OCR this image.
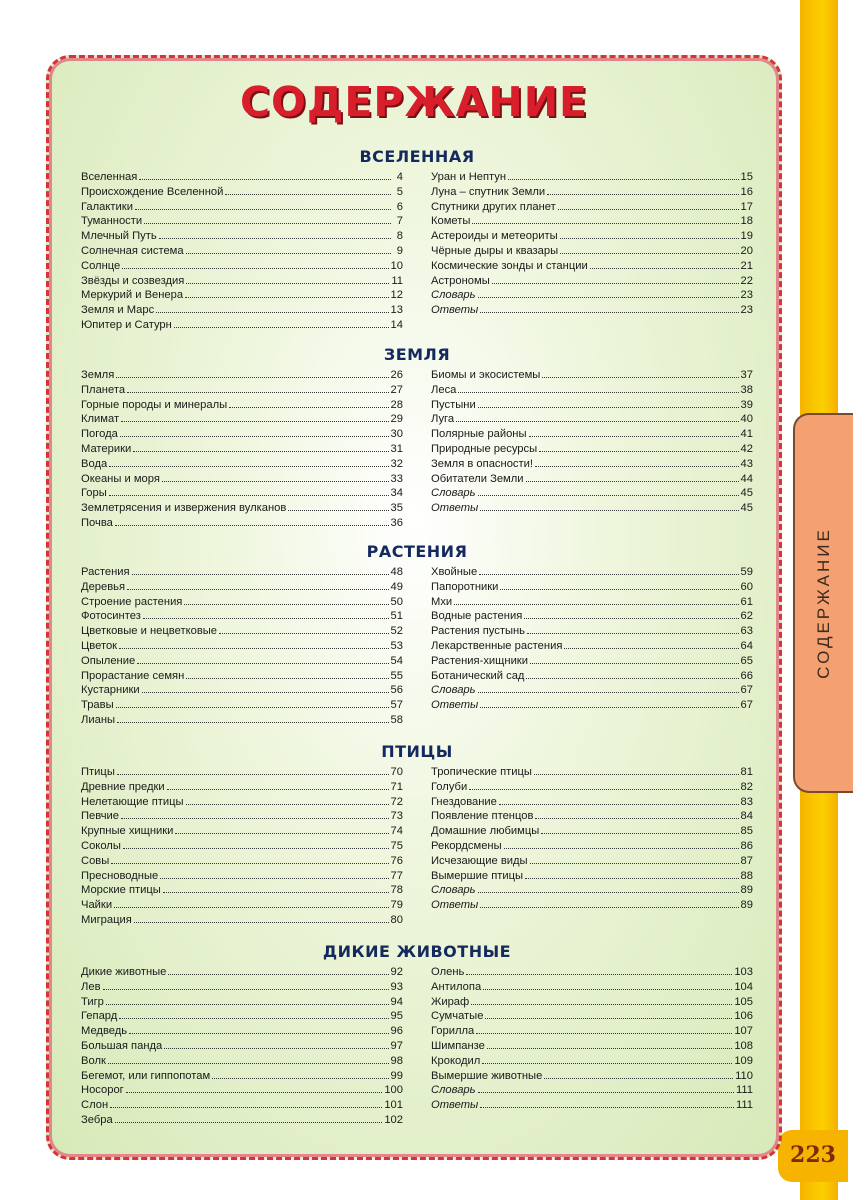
СОДЕРЖАНИЕ
223
СОДЕРЖАНИЕ
ВСЕЛЕННАЯ
Вселенная	4
Происхождение Вселенной	5
Галактики	6
Туманности	7
Млечный Путь	8
Солнечная система	9
Солнце	10
Звёзды и созвездия	11
Меркурий и Венера	12
Земля и Марс	13
Юпитер и Сатурн	14
Уран и Нептун	15
Луна – спутник Земли	16
Спутники других планет	17
Кометы	18
Астероиды и метеориты	19
Чёрные дыры и квазары	20
Космические зонды и станции	21
Астрономы	22
Словарь	23
Ответы	23
ЗЕМЛЯ
Земля	26
Планета	27
Горные породы и минералы	28
Климат	29
Погода	30
Материки	31
Вода	32
Океаны и моря	33
Горы	34
Землетрясения и извержения вулканов	35
Почва	36
Биомы и экосистемы	37
Леса	38
Пустыни	39
Луга	40
Полярные районы	41
Природные ресурсы	42
Земля в опасности!	43
Обитатели Земли	44
Словарь	45
Ответы	45
РАСТЕНИЯ
Растения	48
Деревья	49
Строение растения	50
Фотосинтез	51
Цветковые и нецветковые	52
Цветок	53
Опыление	54
Прорастание семян	55
Кустарники	56
Травы	57
Лианы	58
Хвойные	59
Папоротники	60
Мхи	61
Водные растения	62
Растения пустынь	63
Лекарственные растения	64
Растения-хищники	65
Ботанический сад	66
Словарь	67
Ответы	67
ПТИЦЫ
Птицы	70
Древние предки	71
Нелетающие птицы	72
Певчие	73
Крупные хищники	74
Соколы	75
Совы	76
Пресноводные	77
Морские птицы	78
Чайки	79
Миграция	80
Тропические птицы	81
Голуби	82
Гнездование	83
Появление птенцов	84
Домашние любимцы	85
Рекордсмены	86
Исчезающие виды	87
Вымершие птицы	88
Словарь	89
Ответы	89
ДИКИЕ ЖИВОТНЫЕ
Дикие животные	92
Лев	93
Тигр	94
Гепард	95
Медведь	96
Большая панда	97
Волк	98
Бегемот, или гиппопотам	99
Носорог	100
Слон	101
Зебра	102
Олень	103
Антилопа	104
Жираф	105
Сумчатые	106
Горилла	107
Шимпанзе	108
Крокодил	109
Вымершие животные	110
Словарь	111
Ответы	111
